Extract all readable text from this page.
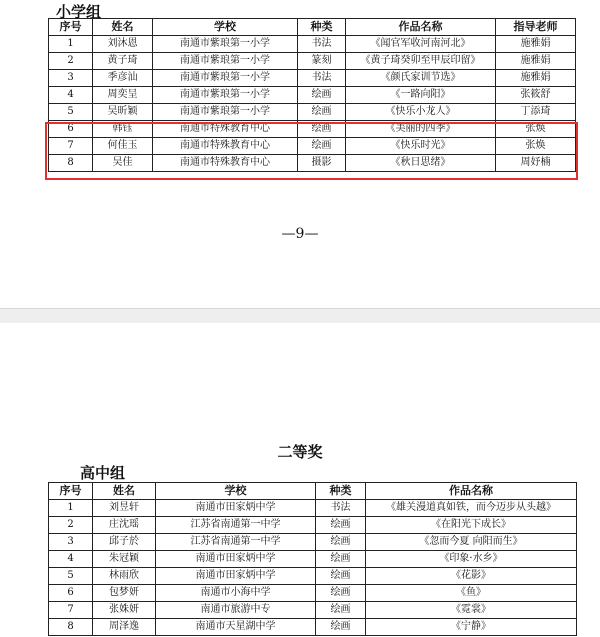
小学组
序号	姓名	学校	种类	作品名称	指导老师
1	刘沐恩	南通市紫琅第一小学	书法	《闻官军收河南河北》	施雅娟
2	黄子琦	南通市紫琅第一小学	篆刻	《黄子琦癸卯至甲辰印留》	施雅娟
3	季彦汕	南通市紫琅第一小学	书法	《颜氏家训节选》	施雅娟
4	周奕呈	南通市紫琅第一小学	绘画	《一路向阳》	张筱舒
5	吴昕颖	南通市紫琅第一小学	绘画	《快乐小龙人》	丁添琦
6	韩钰	南通市特殊教育中心	绘画	《美丽的四季》	张焕
7	何佳玉	南通市特殊教育中心	绘画	《快乐时光》	张焕
8	吴佳	南通市特殊教育中心	摄影	《秋日思绪》	周妤楠
—9—
二等奖
高中组
序号	姓名	学校	种类	作品名称
1	刘昱轩	南通市田家炳中学	书法	《雄关漫道真如铁，而今迈步从头越》
2	庄沈瑶	江苏省南通第一中学	绘画	《在阳光下成长》
3	邱子於	江苏省南通第一中学	绘画	《忽而今夏 向阳而生》
4	朱冠颖	南通市田家炳中学	绘画	《印象·水乡》
5	林雨欣	南通市田家炳中学	绘画	《花影》
6	包梦妍	南通市小海中学	绘画	《鱼》
7	张姝妍	南通市旅游中专	绘画	《霓裳》
8	周泽逸	南通市天星湖中学	绘画	《宁静》
